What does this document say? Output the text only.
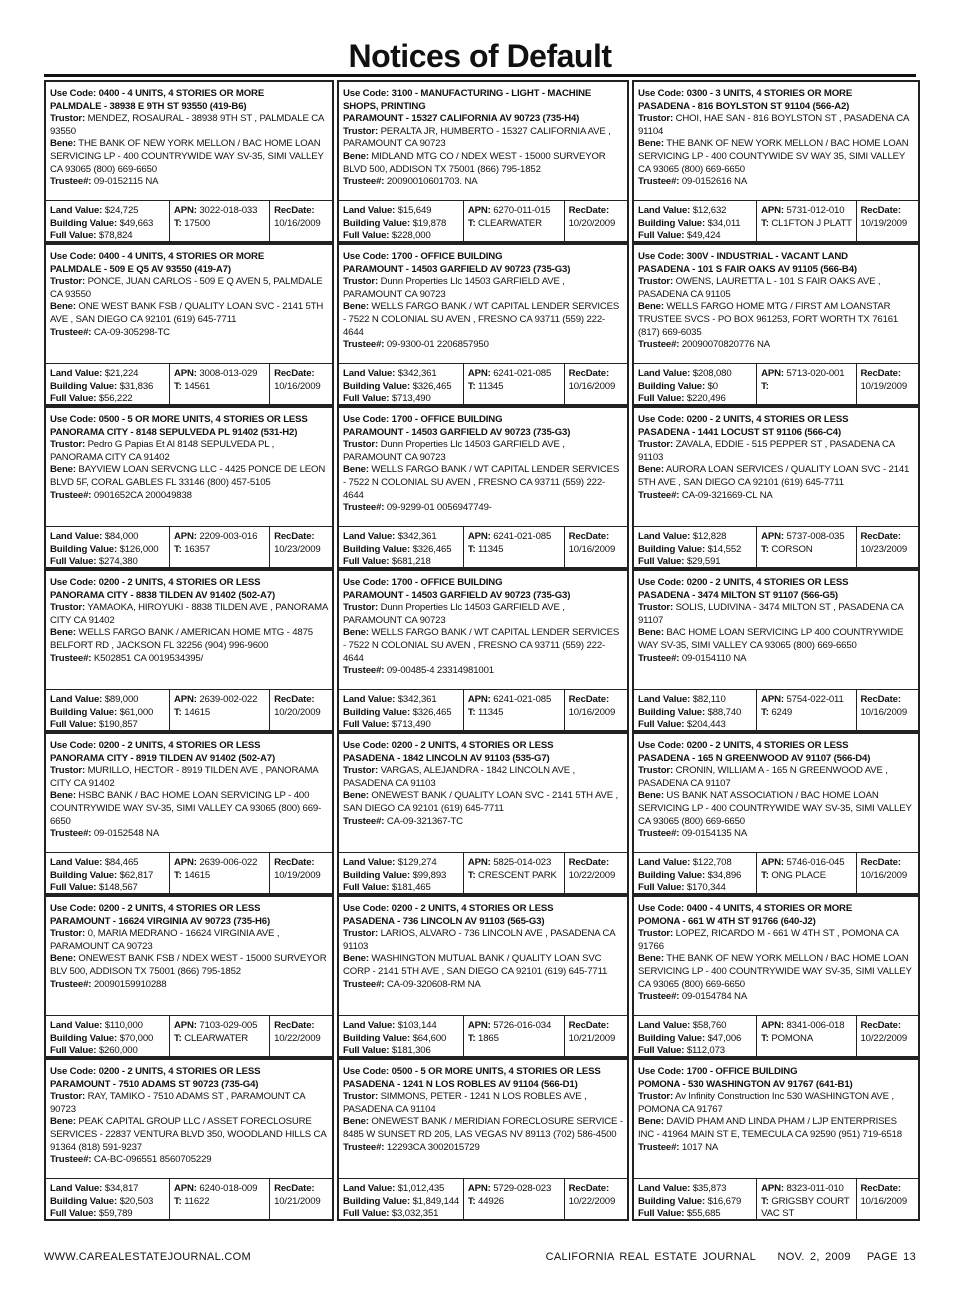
Notices of Default

Use Code: 0400 - 4 UNITS, 4 STORIES OR MORE

PALMDALE - 38938 E 9TH ST 93550 (419-B6)

Trustor: MENDEZ, ROSAURAL - 38938 9TH ST , PALMDALE CA 93550

Bene: THE BANK OF NEW YORK MELLON / BAC HOME LOAN SERVICING LP - 400 COUNTRYWIDE WAY SV-35, SIMI VALLEY CA 93065 (800) 669-6650

Trustee#: 09-0152115 NA

Land Value: $24,725
Building Value: $49,663
Full Value: $78,824
APN: 3022-018-033
T: 17500
RecDate:
10/16/2009

Use Code: 0400 - 4 UNITS, 4 STORIES OR MORE

PALMDALE - 509 E Q5 AV 93550 (419-A7)

Trustor: PONCE, JUAN CARLOS - 509 E Q AVEN 5, PALMDALE CA 93550

Bene: ONE WEST BANK FSB / QUALITY LOAN SVC - 2141 5TH AVE , SAN DIEGO CA 92101 (619) 645-7711

Trustee#: CA-09-305298-TC

Land Value: $21,224
Building Value: $31,836
Full Value: $56,222
APN: 3008-013-029
T: 14561
RecDate:
10/16/2009

Use Code: 0500 - 5 OR MORE UNITS, 4 STORIES OR LESS

PANORAMA CITY - 8148 SEPULVEDA PL 91402 (531-H2)

Trustor: Pedro G Papias Et Al 8148 SEPULVEDA PL , PANORAMA CITY CA 91402

Bene: BAYVIEW LOAN SERVCNG LLC - 4425 PONCE DE LEON BLVD 5F, CORAL GABLES FL 33146 (800) 457-5105

Trustee#: 0901652CA 200049838

Land Value: $84,000
Building Value: $126,000
Full Value: $274,380
APN: 2209-003-016
T: 16357
RecDate:
10/23/2009

Use Code: 0200 - 2 UNITS, 4 STORIES OR LESS

PANORAMA CITY - 8838 TILDEN AV 91402 (502-A7)

Trustor: YAMAOKA, HIROYUKI - 8838 TILDEN AVE , PANORAMA CITY CA 91402

Bene: WELLS FARGO BANK / AMERICAN HOME MTG - 4875 BELFORT RD , JACKSON FL 32256 (904) 996-9600

Trustee#: K502851 CA 0019534395/

Land Value: $89,000
Building Value: $61,000
Full Value: $190,857
APN: 2639-002-022
T: 14615
RecDate:
10/20/2009

Use Code: 0200 - 2 UNITS, 4 STORIES OR LESS

PANORAMA CITY - 8919 TILDEN AV 91402 (502-A7)

Trustor: MURILLO, HECTOR - 8919 TILDEN AVE , PANORAMA CITY CA 91402

Bene: HSBC BANK / BAC HOME LOAN SERVICING LP - 400 COUNTRYWIDE WAY SV-35, SIMI VALLEY CA 93065 (800) 669-6650

Trustee#: 09-0152548 NA

Land Value: $84,465
Building Value: $62,817
Full Value: $148,567
APN: 2639-006-022
T: 14615
RecDate:
10/19/2009

Use Code: 0200 - 2 UNITS, 4 STORIES OR LESS

PARAMOUNT - 16624 VIRGINIA AV 90723 (735-H6)

Trustor: 0, MARIA MEDRANO - 16624 VIRGINIA AVE , PARAMOUNT CA 90723

Bene: ONEWEST BANK FSB / NDEX WEST - 15000 SURVEYOR BLV 500, ADDISON TX 75001 (866) 795-1852

Trustee#: 20090159910288

Land Value: $110,000
Building Value: $70,000
Full Value: $260,000
APN: 7103-029-005
T: CLEARWATER
RecDate:
10/22/2009

Use Code: 0200 - 2 UNITS, 4 STORIES OR LESS

PARAMOUNT - 7510 ADAMS ST 90723 (735-G4)

Trustor: RAY, TAMIKO - 7510 ADAMS ST , PARAMOUNT CA 90723

Bene: PEAK CAPITAL GROUP LLC / ASSET FORECLOSURE SERVICES - 22837 VENTURA BLVD 350, WOODLAND HILLS CA 91364 (818) 591-9237

Trustee#: CA-BC-096551 8560705229

Land Value: $34,817
Building Value: $20,503
Full Value: $59,789
APN: 6240-018-009
T: 11622
RecDate:
10/21/2009

Use Code: 3100 - MANUFACTURING - LIGHT - MACHINE SHOPS, PRINTING

PARAMOUNT - 15327 CALIFORNIA AV 90723 (735-H4)

Trustor: PERALTA JR, HUMBERTO - 15327 CALIFORNIA AVE , PARAMOUNT CA 90723

Bene: MIDLAND MTG CO / NDEX WEST - 15000 SURVEYOR BLVD 500, ADDISON TX 75001 (866) 795-1852

Trustee#: 20090010601703. NA

Land Value: $15,649
Building Value: $19,878
Full Value: $228,000
APN: 6270-011-015
T: CLEARWATER
RecDate:
10/20/2009

Use Code: 1700 - OFFICE BUILDING

PARAMOUNT - 14503 GARFIELD AV 90723 (735-G3)

Trustor: Dunn Properties Llc 14503 GARFIELD AVE , PARAMOUNT CA 90723

Bene: WELLS FARGO BANK / WT CAPITAL LENDER SERVICES - 7522 N COLONIAL SU AVEN , FRESNO CA 93711 (559) 222-4644

Trustee#: 09-9300-01 2206857950

Land Value: $342,361
Building Value: $326,465
Full Value: $713,490
APN: 6241-021-085
T: 11345
RecDate:
10/16/2009

Use Code: 1700 - OFFICE BUILDING

PARAMOUNT - 14503 GARFIELD AV 90723 (735-G3)

Trustor: Dunn Properties Llc 14503 GARFIELD AVE , PARAMOUNT CA 90723

Bene: WELLS FARGO BANK / WT CAPITAL LENDER SERVICES - 7522 N COLONIAL SU AVEN , FRESNO CA 93711 (559) 222-4644

Trustee#: 09-9299-01 0056947749-

Land Value: $342,361
Building Value: $326,465
Full Value: $681,218
APN: 6241-021-085
T: 11345
RecDate:
10/16/2009

Use Code: 1700 - OFFICE BUILDING

PARAMOUNT - 14503 GARFIELD AV 90723 (735-G3)

Trustor: Dunn Properties Llc 14503 GARFIELD AVE , PARAMOUNT CA 90723

Bene: WELLS FARGO BANK / WT CAPITAL LENDER SERVICES - 7522 N COLONIAL SU AVEN , FRESNO CA 93711 (559) 222-4644

Trustee#: 09-00485-4 23314981001

Land Value: $342,361
Building Value: $326,465
Full Value: $713,490
APN: 6241-021-085
T: 11345
RecDate:
10/16/2009

Use Code: 0200 - 2 UNITS, 4 STORIES OR LESS

PASADENA - 1842 LINCOLN AV 91103 (535-G7)

Trustor: VARGAS, ALEJANDRA - 1842 LINCOLN AVE , PASADENA CA 91103

Bene: ONEWEST BANK / QUALITY LOAN SVC - 2141 5TH AVE , SAN DIEGO CA 92101 (619) 645-7711

Trustee#: CA-09-321367-TC

Land Value: $129,274
Building Value: $99,893
Full Value: $181,465
APN: 5825-014-023
T: CRESCENT PARK
RecDate:
10/22/2009

Use Code: 0200 - 2 UNITS, 4 STORIES OR LESS

PASADENA - 736 LINCOLN AV 91103 (565-G3)

Trustor: LARIOS, ALVARO - 736 LINCOLN AVE , PASADENA CA 91103

Bene: WASHINGTON MUTUAL BANK / QUALITY LOAN SVC CORP - 2141 5TH AVE , SAN DIEGO CA 92101 (619) 645-7711

Trustee#: CA-09-320608-RM NA

Land Value: $103,144
Building Value: $64,600
Full Value: $181,306
APN: 5726-016-034
T: 1865
RecDate:
10/21/2009

Use Code: 0500 - 5 OR MORE UNITS, 4 STORIES OR LESS

PASADENA - 1241 N LOS ROBLES AV 91104 (566-D1)

Trustor: SIMMONS, PETER - 1241 N LOS ROBLES AVE , PASADENA CA 91104

Bene: ONEWEST BANK / MERIDIAN FORECLOSURE SERVICE - 8485 W SUNSET RD 205, LAS VEGAS NV 89113 (702) 586-4500

Trustee#: 12293CA 3002015729

Land Value: $1,012,435
Building Value: $1,849,144
Full Value: $3,032,351
APN: 5729-028-023
T: 44926
RecDate:
10/22/2009

Use Code: 0300 - 3 UNITS, 4 STORIES OR MORE

PASADENA - 816 BOYLSTON ST 91104 (566-A2)

Trustor: CHOI, HAE SAN - 816 BOYLSTON ST , PASADENA CA 91104

Bene: THE BANK OF NEW YORK MELLON / BAC HOME LOAN SERVICING LP - 400 COUNTYWIDE SV WAY 35, SIMI VALLEY CA 93065 (800) 669-6650

Trustee#: 09-0152616 NA

Land Value: $12,632
Building Value: $34,011
Full Value: $49,424
APN: 5731-012-010
T: CL1FTON J PLATT
RecDate:
10/19/2009

Use Code: 300V - INDUSTRIAL - VACANT LAND

PASADENA - 101 S FAIR OAKS AV 91105 (566-B4)

Trustor: OWENS, LAURETTA L - 101 S FAIR OAKS AVE , PASADENA CA 91105

Bene: WELLS FARGO HOME MTG / FIRST AM LOANSTAR TRUSTEE SVCS - PO BOX 961253, FORT WORTH TX 76161 (817) 669-6035

Trustee#: 20090070820776 NA

Land Value: $208,080
Building Value: $0
Full Value: $220,496
APN: 5713-020-001
T:
RecDate:
10/19/2009

Use Code: 0200 - 2 UNITS, 4 STORIES OR LESS

PASADENA - 1441 LOCUST ST 91106 (566-C4)

Trustor: ZAVALA, EDDIE - 515 PEPPER ST , PASADENA CA 91103

Bene: AURORA LOAN SERVICES / QUALITY LOAN SVC - 2141 5TH AVE , SAN DIEGO CA 92101 (619) 645-7711

Trustee#: CA-09-321669-CL NA

Land Value: $12,828
Building Value: $14,552
Full Value: $29,591
APN: 5737-008-035
T: CORSON
RecDate:
10/23/2009

Use Code: 0200 - 2 UNITS, 4 STORIES OR LESS

PASADENA - 3474 MILTON ST 91107 (566-G5)

Trustor: SOLIS, LUDIVINA - 3474 MILTON ST , PASADENA CA 91107

Bene: BAC HOME LOAN SERVICING LP 400 COUNTRYWIDE WAY SV-35, SIMI VALLEY CA 93065 (800) 669-6650

Trustee#: 09-0154110 NA

Land Value: $82,110
Building Value: $88,740
Full Value: $204,443
APN: 5754-022-011
T: 6249
RecDate:
10/16/2009

Use Code: 0200 - 2 UNITS, 4 STORIES OR LESS

PASADENA - 165 N GREENWOOD AV 91107 (566-D4)

Trustor: CRONIN, WILLIAM A - 165 N GREENWOOD AVE , PASADENA CA 91107

Bene: US BANK NAT ASSOCIATION / BAC HOME LOAN SERVICING LP - 400 COUNTRYWIDE WAY SV-35, SIMI VALLEY CA 93065 (800) 669-6650

Trustee#: 09-0154135 NA

Land Value: $122,708
Building Value: $34,896
Full Value: $170,344
APN: 5746-016-045
T: ONG PLACE
RecDate:
10/16/2009

Use Code: 0400 - 4 UNITS, 4 STORIES OR MORE

POMONA - 661 W 4TH ST 91766 (640-J2)

Trustor: LOPEZ, RICARDO M - 661 W 4TH ST , POMONA CA 91766

Bene: THE BANK OF NEW YORK MELLON / BAC HOME LOAN SERVICING LP - 400 COUNTRYWIDE WAY SV-35, SIMI VALLEY CA 93065 (800) 669-6650

Trustee#: 09-0154784 NA

Land Value: $58,760
Building Value: $47,006
Full Value: $112,073
APN: 8341-006-018
T: POMONA
RecDate:
10/22/2009

Use Code: 1700 - OFFICE BUILDING

POMONA - 530 WASHINGTON AV 91767 (641-B1)

Trustor: Av Infinity Construction Inc 530 WASHINGTON AVE , POMONA CA 91767

Bene: DAVID PHAM AND LINDA PHAM / LJP ENTERPRISES INC - 41964 MAIN ST E, TEMECULA CA 92590 (951) 719-6518

Trustee#: 1017 NA

Land Value: $35,873
Building Value: $16,679
Full Value: $55,685
APN: 8323-011-010
T: GRIGSBY COURT VAC ST
RecDate:
10/16/2009
WWW.CAREALESTATEJOURNAL.COM	CALIFORNIA REAL ESTATE JOURNAL NOV. 2, 2009 PAGE 13
